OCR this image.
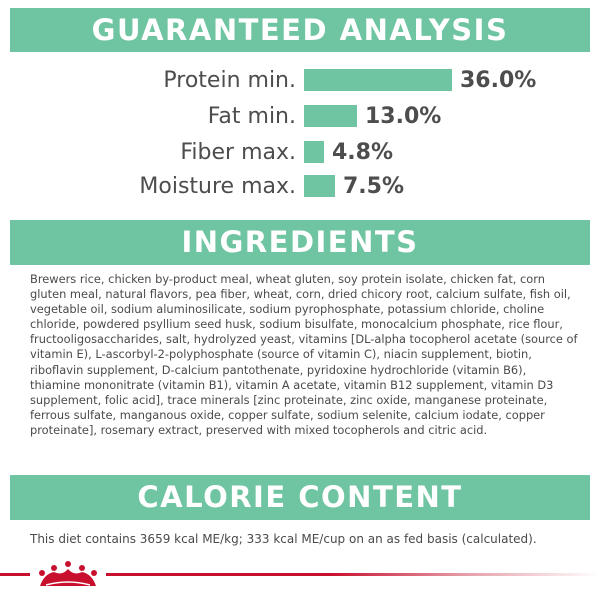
GUARANTEED ANALYSIS
Protein min.	36.0%
Fat min.	13.0%
Fiber max. 4.8%
Moisture max. 7.5%
INGREDIENTS
Brewers rice, chicken by-product meal, wheat gluten, soy protein isolate, chicken fat, corn gluten meal, natural flavors, pea fiber, wheat, corn, dried chicory root, calcium sulfate, fish oil, vegetable oil, sodium aluminosilicate, sodium pyrophosphate, potassium chloride, choline chloride, powdered psyllium seed husk, sodium bisulfate, monocalcium phosphate, rice flour, fructooligosaccharides, salt, hydrolyzed yeast, vitamins [DL-alpha tocopherol acetate (source of vitamin E), L-ascorbyl-2-polyphosphate (source of vitamin C), niacin supplement, biotin, riboflavin supplement, D-calcium pantothenate, pyridoxine hydrochloride (vitamin B6), thiamine mononitrate (vitamin B1), vitamin A acetate, vitamin B12 supplement, vitamin D3 supplement, folic acid], trace minerals [zinc proteinate, zinc oxide, manganese proteinate, ferrous sulfate, manganous oxide, copper sulfate, sodium selenite, calcium iodate, copper proteinate], rosemary extract, preserved with mixed tocopherols and citric acid.
CALORIE CONTENT
This diet contains 3659 kcal ME/kg; 333 kcal ME/cup on an as fed basis (calculated).
